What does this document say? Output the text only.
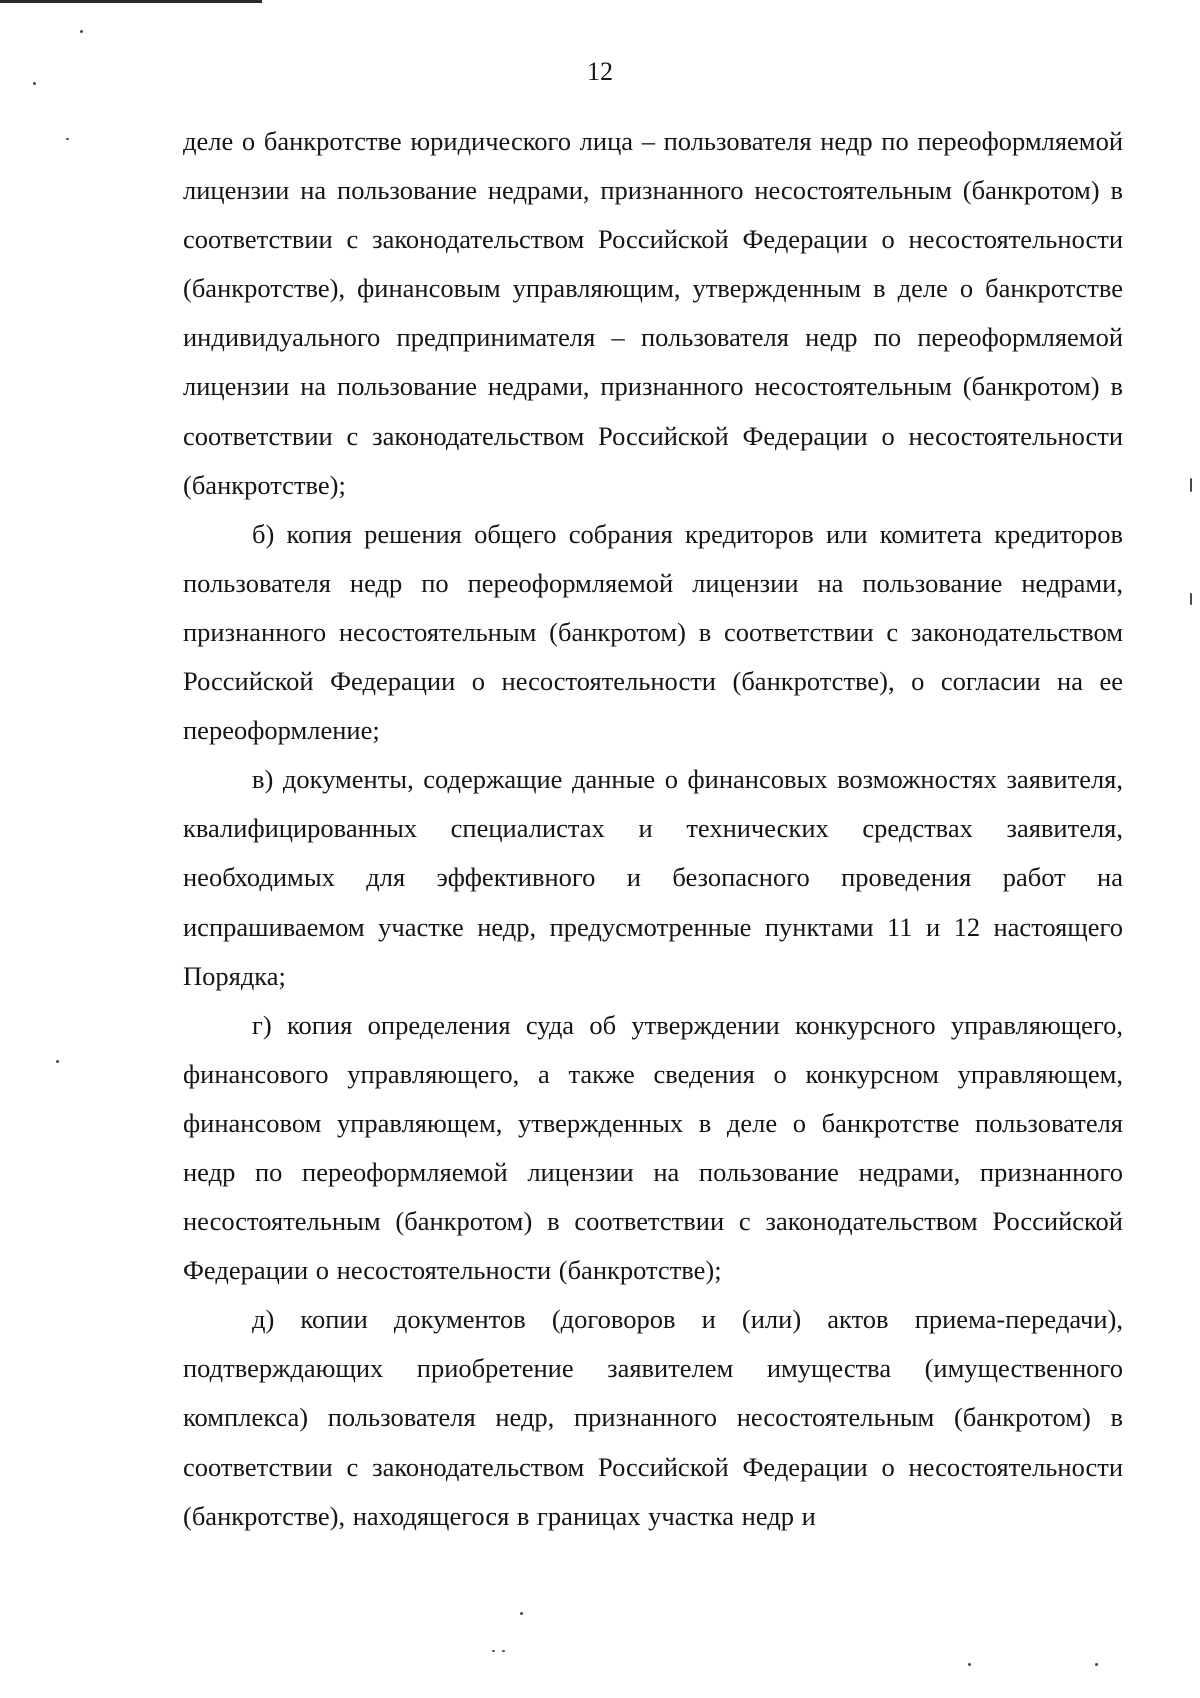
12

деле о банкротстве юридического лица – пользователя недр по переоформляемой лицензии на пользование недрами, признанного несостоятельным (банкротом) в соответствии с законодательством Российской Федерации о несостоятельности (банкротстве), финансовым управляющим, утвержденным в деле о банкротстве индивидуального предпринимателя – пользователя недр по переоформляемой лицензии на пользование недрами, признанного несостоятельным (банкротом) в соответствии с законодательством Российской Федерации о несостоятельности (банкротстве);

б) копия решения общего собрания кредиторов или комитета кредиторов пользователя недр по переоформляемой лицензии на пользование недрами, признанного несостоятельным (банкротом) в соответствии с законодательством Российской Федерации о несостоятельности (банкротстве), о согласии на ее переоформление;

в) документы, содержащие данные о финансовых возможностях заявителя, квалифицированных специалистах и технических средствах заявителя, необходимых для эффективного и безопасного проведения работ на испрашиваемом участке недр, предусмотренные пунктами 11 и 12 настоящего Порядка;

г) копия определения суда об утверждении конкурсного управляющего, финансового управляющего, а также сведения о конкурсном управляющем, финансовом управляющем, утвержденных в деле о банкротстве пользователя недр по переоформляемой лицензии на пользование недрами, признанного несостоятельным (банкротом) в соответствии с законодательством Российской Федерации о несостоятельности (банкротстве);

д) копии документов (договоров и (или) актов приема-передачи), подтверждающих приобретение заявителем имущества (имущественного комплекса) пользователя недр, признанного несостоятельным (банкротом) в соответствии с законодательством Российской Федерации о несостоятельности (банкротстве), находящегося в границах участка недр и
